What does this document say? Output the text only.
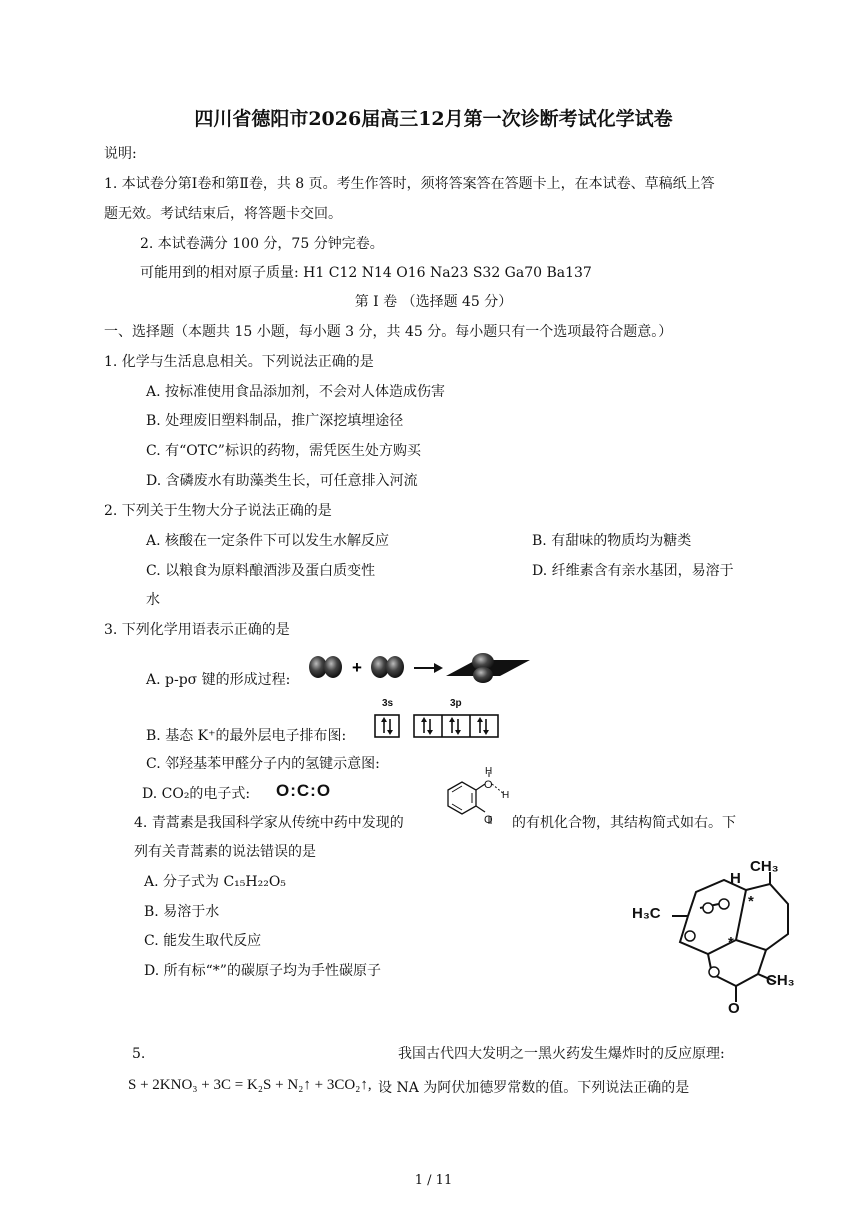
四川省德阳市2026届高三12月第一次诊断考试化学试卷
说明:
1. 本试卷分第Ⅰ卷和第Ⅱ卷，共 8 页。考生作答时，须将答案答在答题卡上，在本试卷、草稿纸上答
题无效。考试结束后，将答题卡交回。
2. 本试卷满分 100 分，75 分钟完卷。
可能用到的相对原子质量: H1 C12 N14 O16 Na23 S32 Ga70 Ba137
第 I 卷 （选择题 45 分）
一、选择题（本题共 15 小题，每小题 3 分，共 45 分。每小题只有一个选项最符合题意。）
1. 化学与生活息息相关。下列说法正确的是
A. 按标准使用食品添加剂，不会对人体造成伤害
B. 处理废旧塑料制品，推广深挖填埋途径
C. 有“OTC”标识的药物，需凭医生处方购买
D. 含磷废水有助藻类生长，可任意排入河流
2. 下列关于生物大分子说法正确的是
A. 核酸在一定条件下可以发生水解反应	B. 有甜味的物质均为糖类
C. 以粮食为原料酿酒涉及蛋白质变性	D. 纤维素含有亲水基团，易溶于
水
3. 下列化学用语表示正确的是
A. p-pσ 键的形成过程:
+
B. 基态 K⁺的最外层电子排布图:
3s	3p
C. 邻羟基苯甲醛分子内的氢键示意图:	H
O
H
O
D. CO₂的电子式: O:C:O
4. 青蒿素是我国科学家从传统中药中发现的	的有机化合物，其结构简式如右。下
列有关青蒿素的说法错误的是
A. 分子式为 C₁₅H₂₂O₅
B. 易溶于水
C. 能发生取代反应
D. 所有标“*”的碳原子均为手性碳原子
CH₃
H
H₃C
CH₃
O
*
*
5.	我国古代四大发明之一黑火药发生爆炸时的反应原理:
S + 2KNO₃ + 3C = K₂S + N₂↑ + 3CO₂↑, 设 NA 为阿伏加德罗常数的值。下列说法正确的是
1 / 11
